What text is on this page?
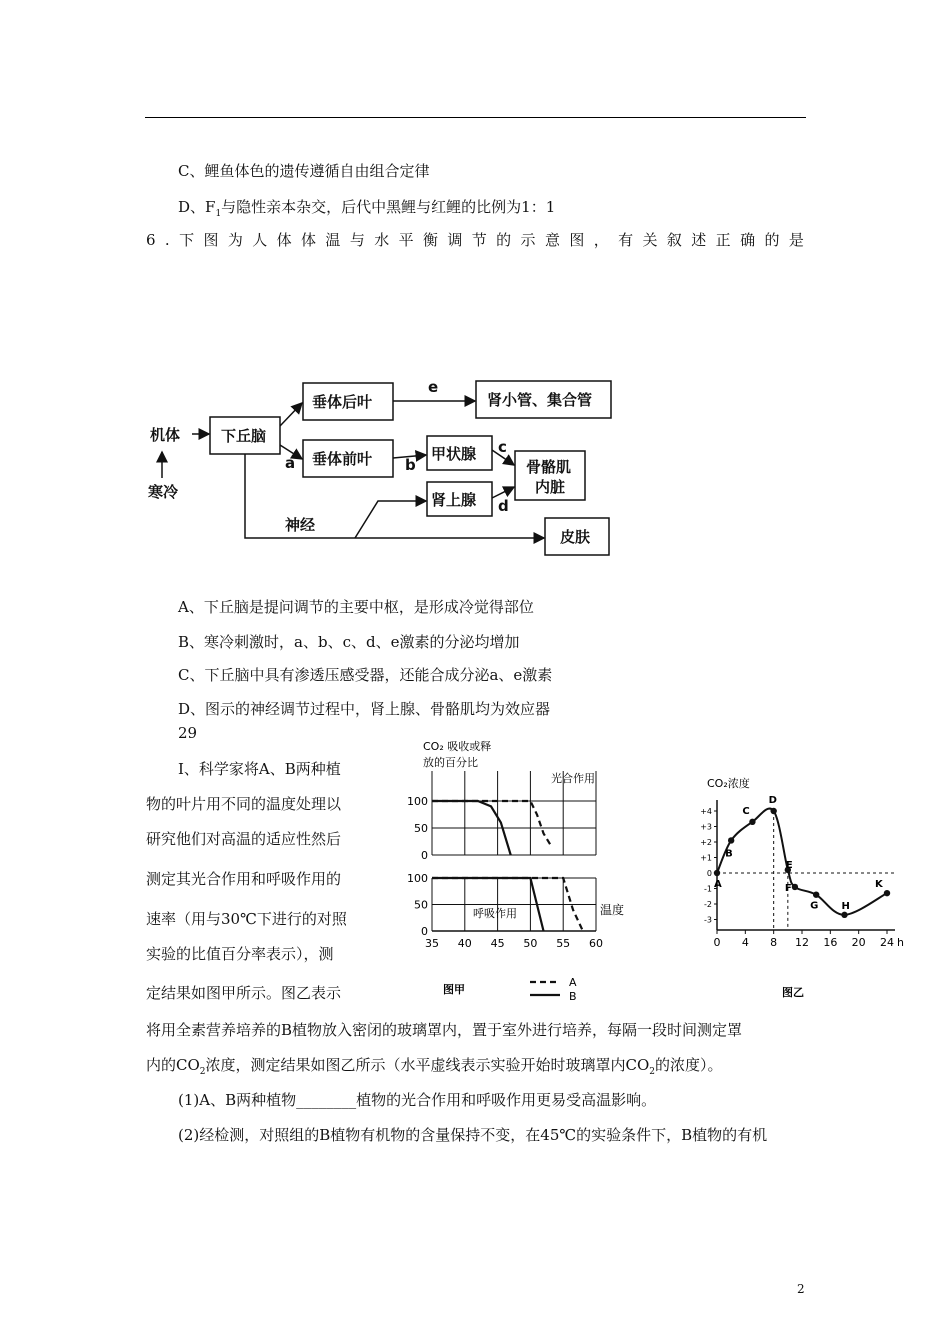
C、鲤鱼体色的遗传遵循自由组合定律
D、$F_1$与隐性亲本杂交，后代中黑鲤与红鲤的比例为1：1
6 . 下 图 为 人 体 体 温 与 水 平 衡 调 节 的 示 意 图 ， 有 关 叙 述 正 确 的 是
机体
寒冷
下丘脑
垂体后叶
垂体前叶
肾小管、集合管
甲状腺
肾上腺
骨骼肌
内脏
皮肤
神经
a	b
c
d
e
A、下丘脑是提问调节的主要中枢，是形成冷觉得部位
B、寒冷刺激时，a、b、c、d、e激素的分泌均增加
C、下丘脑中具有渗透压感受器，还能合成分泌a、e激素
D、图示的神经调节过程中，肾上腺、骨骼肌均为效应器
29
Ⅰ、科学家将A、B两种植
物的叶片用不同的温度处理以
研究他们对高温的适应性然后
测定其光合作用和呼吸作用的
速率（用与30℃下进行的对照
实验的比值百分率表示），测
定结果如图甲所示。图乙表示
将用全素营养培养的B植物放入密闭的玻璃罩内，置于室外进行培养，每隔一段时间测定罩
内的$CO_2$浓度，测定结果如图乙所示（水平虚线表示实验开始时玻璃罩内$CO_2$的浓度）。
(1)A、B两种植物________植物的光合作用和呼吸作用更易受高温影响。
(2)经检测，对照组的B植物有机物的含量保持不变，在45℃的实验条件下，B植物的有机
CO₂ 吸收或释
放的百分比
光合作用
呼吸作用	温度
100
50
0
100
50
0
35 40 45 50 55 60
图甲
A
B
CO₂浓度
+4
+3
+2
+1
0
-1
-2
-3
0 4 8 12 16 20 24 h
A
B
C
D
E
F
G H
K
图乙
2
